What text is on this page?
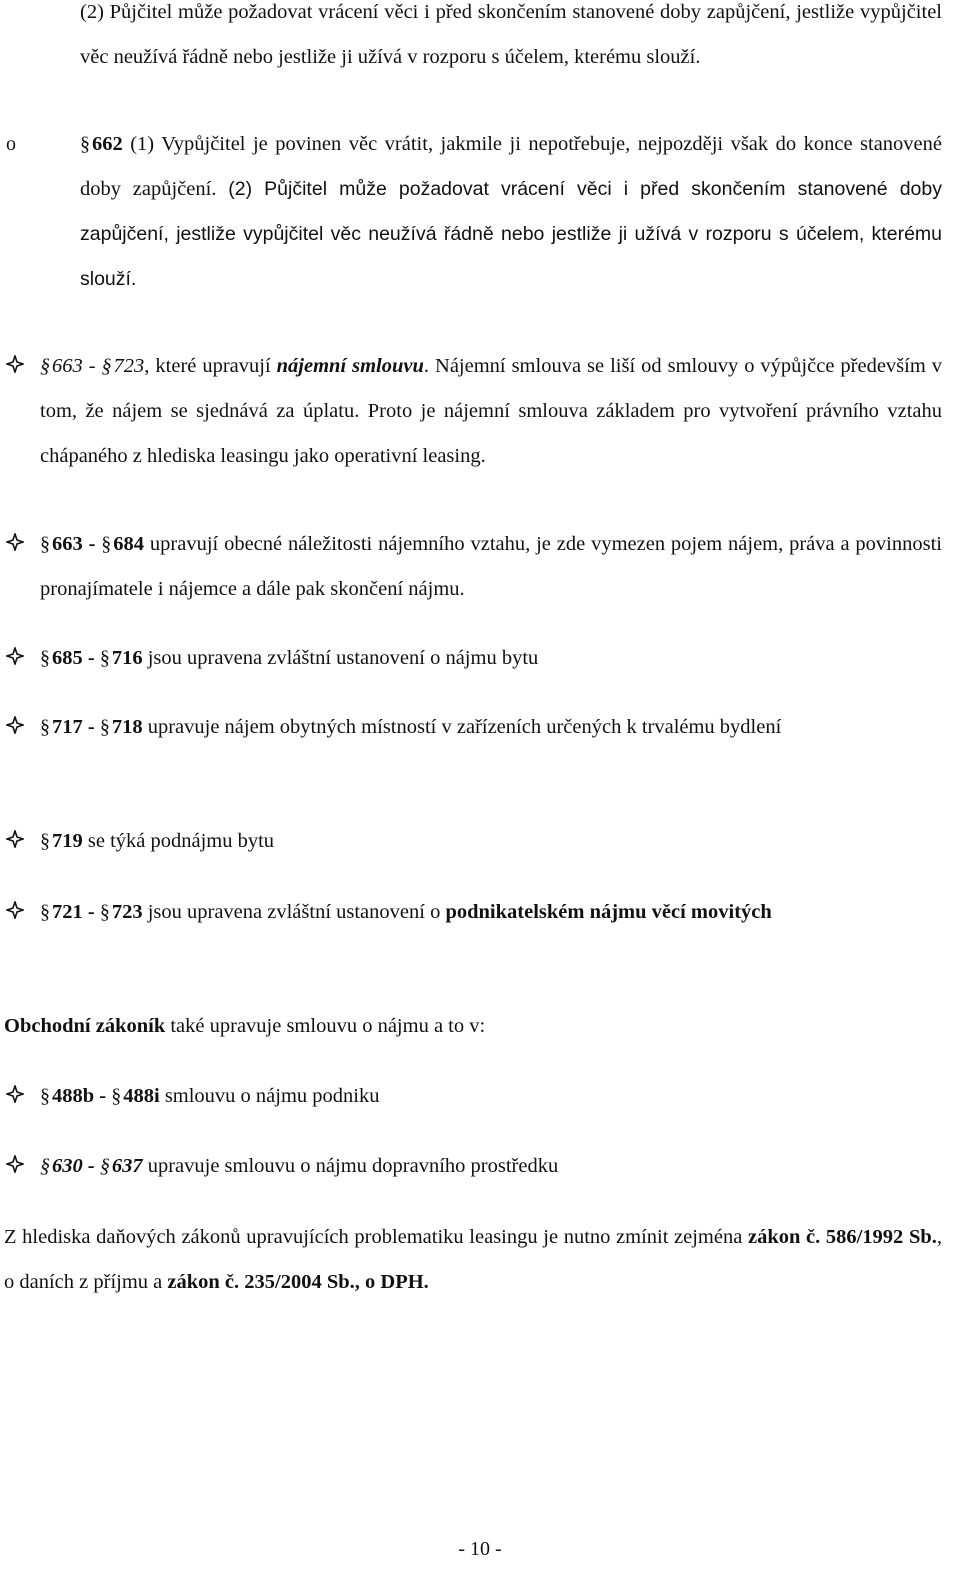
(2) Půjčitel může požadovat vrácení věci i před skončením stanovené doby zapůjčení, jestliže vypůjčitel věc neužívá řádně nebo jestliže ji užívá v rozporu s účelem, kterému slouží.

o	§662 (1) Vypůjčitel je povinen věc vrátit, jakmile ji nepotřebuje, nejpozději však do konce stanovené doby zapůjčení. (2) Půjčitel může požadovat vrácení věci i před skončením stanovené doby zapůjčení, jestliže vypůjčitel věc neužívá řádně nebo jestliže ji užívá v rozporu s účelem, kterému slouží.

§663 - §723, které upravují nájemní smlouvu. Nájemní smlouva se liší od smlouvy o výpůjčce především v tom, že nájem se sjednává za úplatu. Proto je nájemní smlouva základem pro vytvoření právního vztahu chápaného z hlediska leasingu jako operativní leasing.

§663 - §684 upravují obecné náležitosti nájemního vztahu, je zde vymezen pojem nájem, práva a povinnosti pronajímatele i nájemce a dále pak skončení nájmu.

§685 - §716 jsou upravena zvláštní ustanovení o nájmu bytu

§717 - §718 upravuje nájem obytných místností v zařízeních určených k trvalému bydlení

§719 se týká podnájmu bytu

§721 - §723 jsou upravena zvláštní ustanovení o podnikatelském nájmu věcí movitých

Obchodní zákoník také upravuje smlouvu o nájmu a to v:

§488b - §488i smlouvu o nájmu podniku

§630 - §637 upravuje smlouvu o nájmu dopravního prostředku

Z hlediska daňových zákonů upravujících problematiku leasingu je nutno zmínit zejména zákon č. 586/1992 Sb., o daních z příjmu a zákon č. 235/2004 Sb., o DPH.

- 10 -
